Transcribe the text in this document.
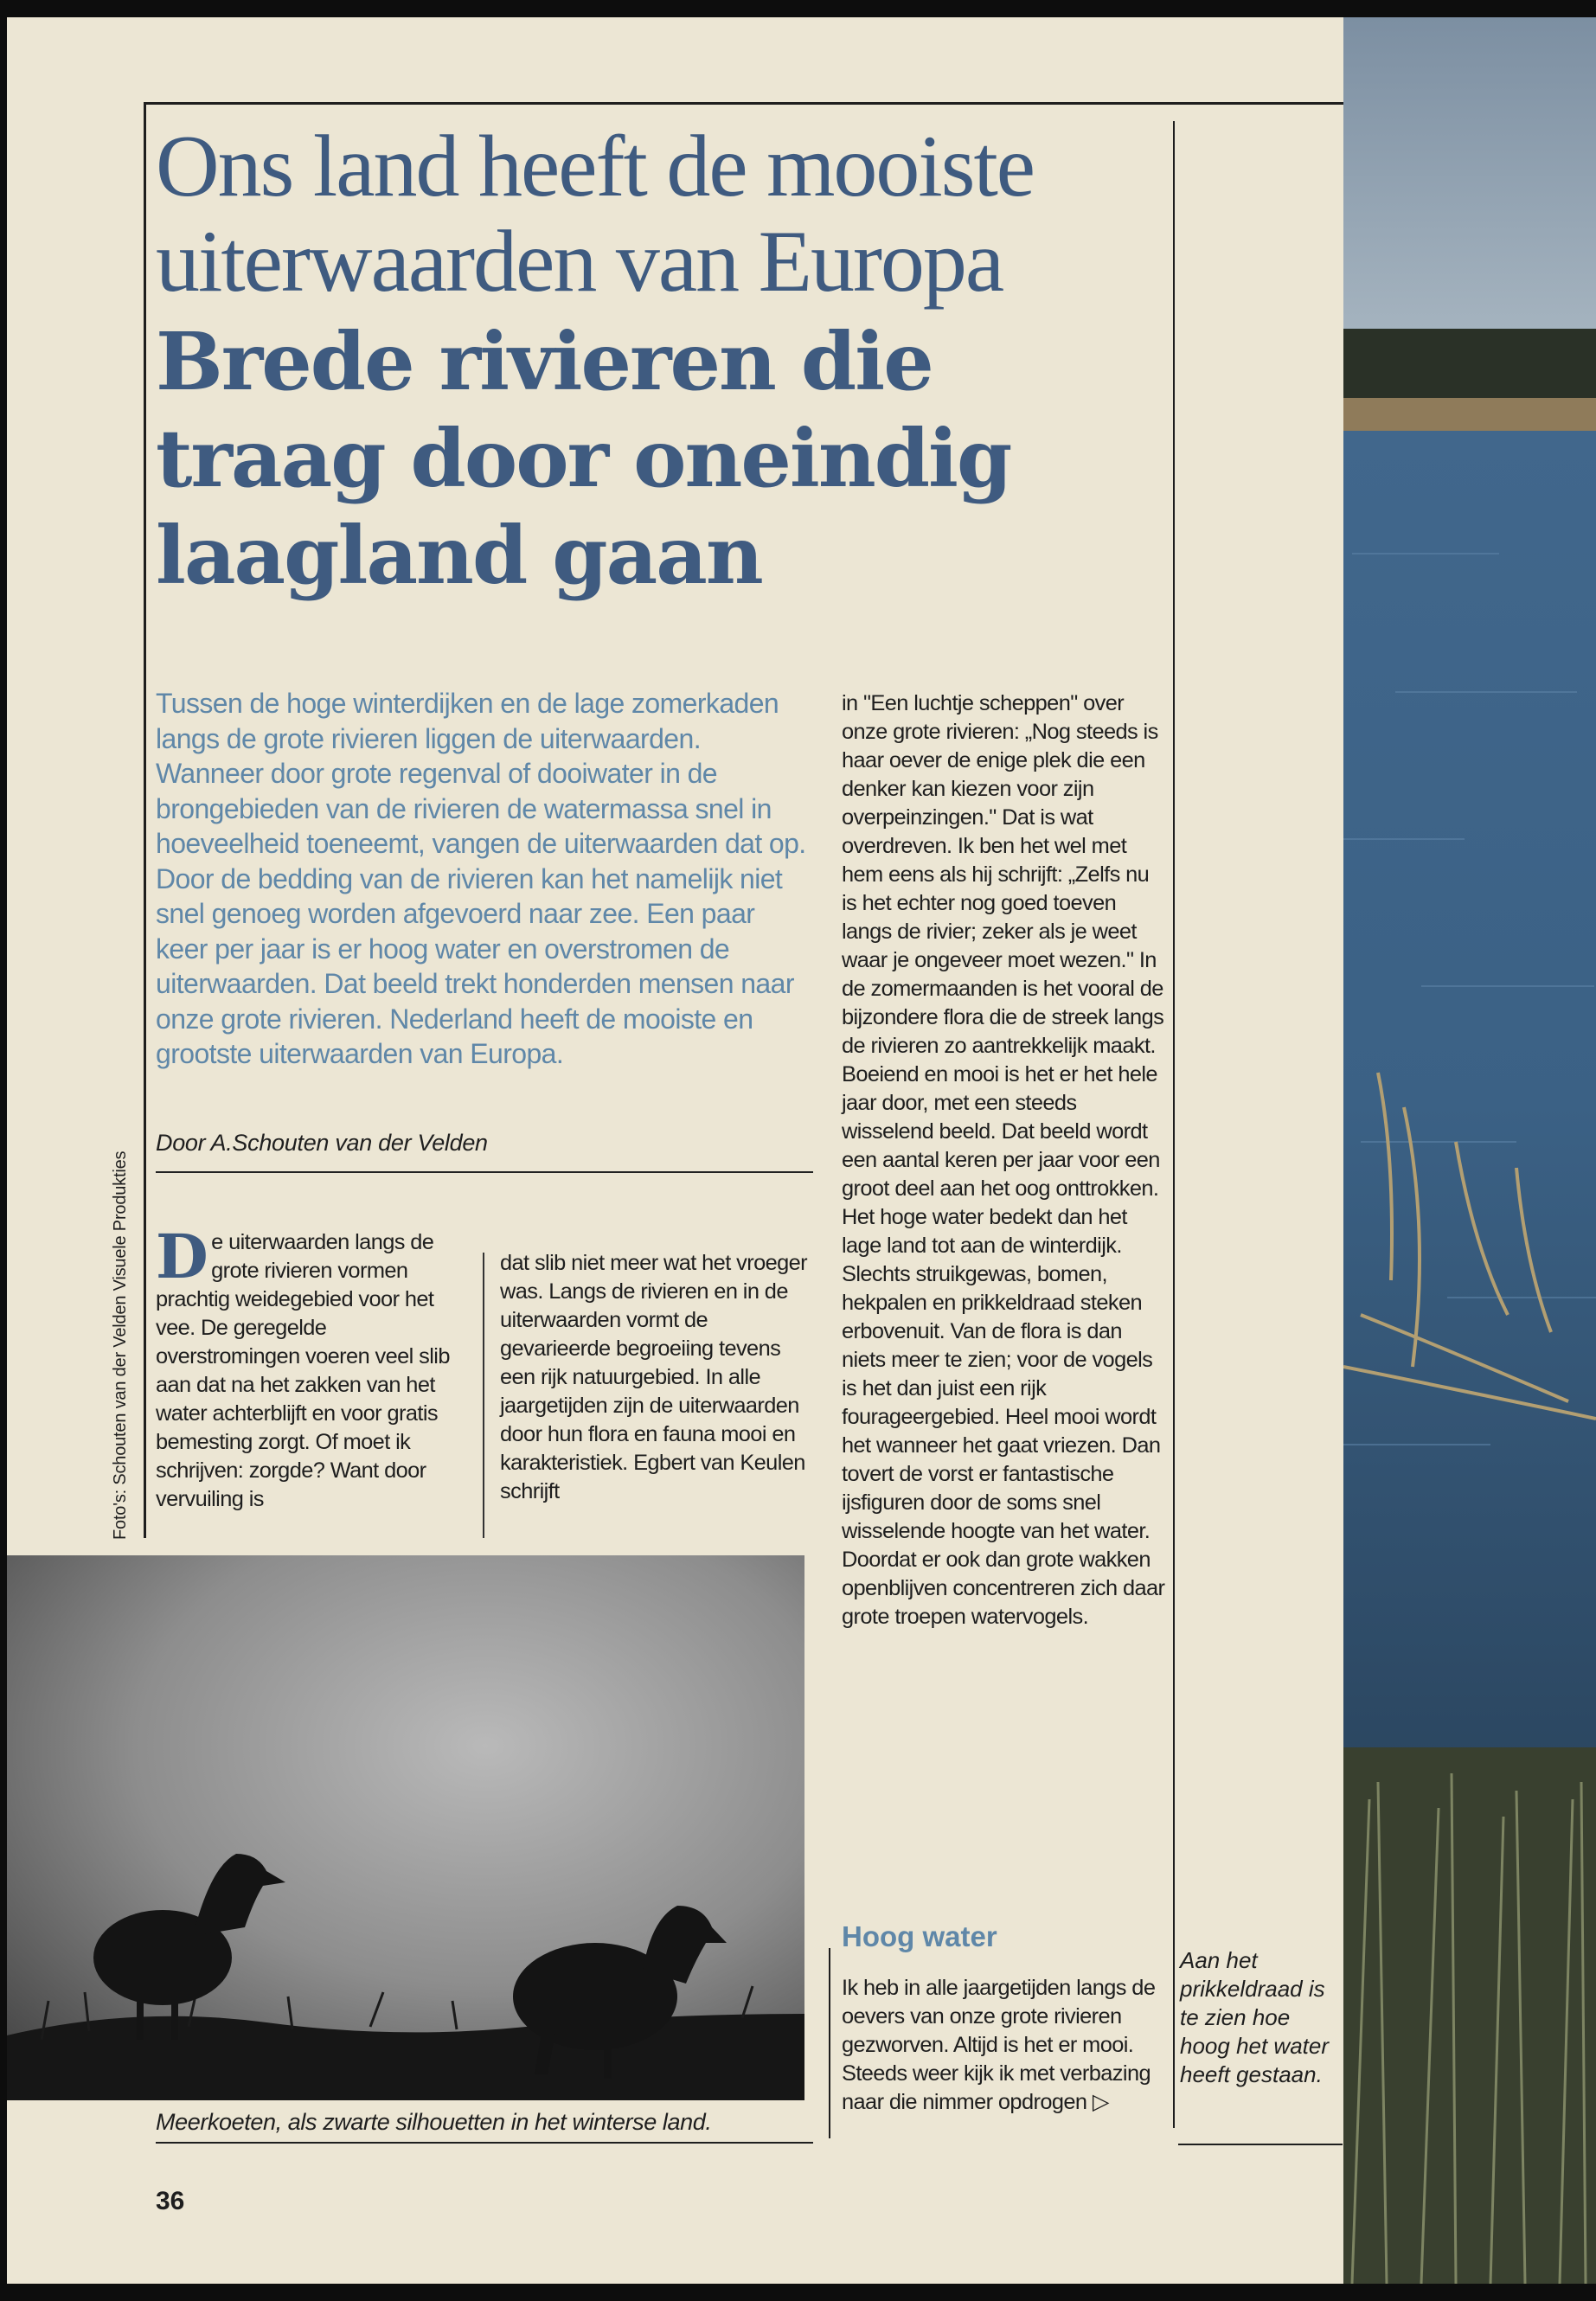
Ons land heeft de mooiste uiterwaarden van Europa
Brede rivieren die traag door oneindig laagland gaan

Tussen de hoge winterdijken en de lage zomerkaden langs de grote rivieren liggen de uiterwaarden. Wanneer door grote regenval of dooiwater in de brongebieden van de rivieren de watermassa snel in hoeveelheid toeneemt, vangen de uiterwaarden dat op. Door de bedding van de rivieren kan het namelijk niet snel genoeg worden afgevoerd naar zee. Een paar keer per jaar is er hoog water en overstromen de uiterwaarden. Dat beeld trekt honderden mensen naar onze grote rivieren. Nederland heeft de mooiste en grootste uiterwaarden van Europa.

Door A.Schouten van der Velden
De uiterwaarden langs de grote rivieren vormen prachtig weidegebied voor het vee. De geregelde overstromingen voeren veel slib aan dat na het zakken van het water achterblijft en voor gratis bemesting zorgt. Of moet ik schrijven: zorgde? Want door vervuiling is
dat slib niet meer wat het vroeger was. Langs de rivieren en in de uiterwaarden vormt de gevarieerde begroeiing tevens een rijk natuurgebied. In alle jaargetijden zijn de uiterwaarden door hun flora en fauna mooi en karakteristiek. Egbert van Keulen schrijft
in "Een luchtje scheppen" over onze grote rivieren: „Nog steeds is haar oever de enige plek die een denker kan kiezen voor zijn overpeinzingen." Dat is wat overdreven. Ik ben het wel met hem eens als hij schrijft: „Zelfs nu is het echter nog goed toeven langs de rivier; zeker als je weet waar je ongeveer moet wezen." In de zomermaanden is het vooral de bijzondere flora die de streek langs de rivieren zo aantrekkelijk maakt. Boeiend en mooi is het er het hele jaar door, met een steeds wisselend beeld. Dat beeld wordt een aantal keren per jaar voor een groot deel aan het oog onttrokken. Het hoge water bedekt dan het lage land tot aan de winterdijk. Slechts struikgewas, bomen, hekpalen en prikkeldraad steken erbovenuit. Van de flora is dan niets meer te zien; voor de vogels is het dan juist een rijk fourageergebied. Heel mooi wordt het wanneer het gaat vriezen. Dan tovert de vorst er fantastische ijsfiguren door de soms snel wisselende hoogte van het water. Doordat er ook dan grote wakken openblijven concentreren zich daar grote troepen watervogels.
Hoog water
Ik heb in alle jaargetijden langs de oevers van onze grote rivieren gezworven. Altijd is het er mooi. Steeds weer kijk ik met verbazing naar die nimmer opdrogen ▷
Aan het prikkeldraad is te zien hoe hoog het water heeft gestaan.
Foto's: Schouten van der Velden Visuele Produkties
Meerkoeten, als zwarte silhouetten in het winterse land.
36
